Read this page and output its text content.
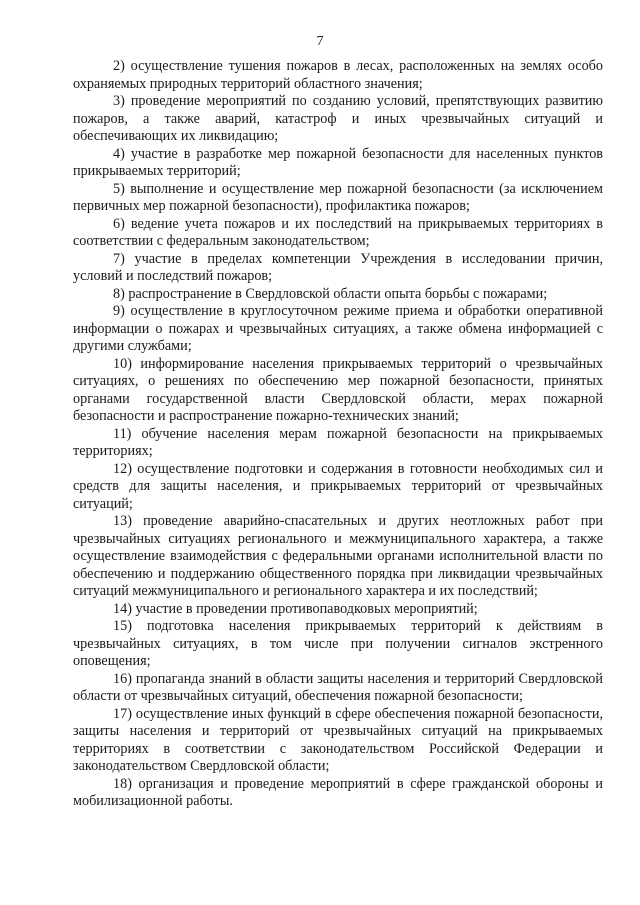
7

2) осуществление тушения пожаров в лесах, расположенных на землях особо охраняемых природных территорий областного значения;

3) проведение мероприятий по созданию условий, препятствующих развитию пожаров, а также аварий, катастроф и иных чрезвычайных ситуаций и обеспечивающих их ликвидацию;

4) участие в разработке мер пожарной безопасности для населенных пунктов прикрываемых территорий;

5) выполнение и осуществление мер пожарной безопасности (за исключением первичных мер пожарной безопасности), профилактика пожаров;

6) ведение учета пожаров и их последствий на прикрываемых территориях в соответствии с федеральным законодательством;

7) участие в пределах компетенции Учреждения в исследовании причин, условий и последствий пожаров;

8) распространение в Свердловской области опыта борьбы с пожарами;

9) осуществление в круглосуточном режиме приема и обработки оперативной информации о пожарах и чрезвычайных ситуациях, а также обмена информацией с другими службами;

10) информирование населения прикрываемых территорий о чрезвычайных ситуациях, о решениях по обеспечению мер пожарной безопасности, принятых органами государственной власти Свердловской области, мерах пожарной безопасности и распространение пожарно-технических знаний;

11) обучение населения мерам пожарной безопасности на прикрываемых территориях;

12) осуществление подготовки и содержания в готовности необходимых сил и средств для защиты населения, и прикрываемых территорий от чрезвычайных ситуаций;

13) проведение аварийно-спасательных и других неотложных работ при чрезвычайных ситуациях регионального и межмуниципального характера, а также осуществление взаимодействия с федеральными органами исполнительной власти по обеспечению и поддержанию общественного порядка при ликвидации чрезвычайных ситуаций межмуниципального и регионального характера и их последствий;

14) участие в проведении противопаводковых мероприятий;

15) подготовка населения прикрываемых территорий к действиям в чрезвычайных ситуациях, в том числе при получении сигналов экстренного оповещения;

16) пропаганда знаний в области защиты населения и территорий Свердловской области от чрезвычайных ситуаций, обеспечения пожарной безопасности;

17) осуществление иных функций в сфере обеспечения пожарной безопасности, защиты населения и территорий от чрезвычайных ситуаций на прикрываемых территориях в соответствии с законодательством Российской Федерации и законодательством Свердловской области;

18) организация и проведение мероприятий в сфере гражданской обороны и мобилизационной работы.
